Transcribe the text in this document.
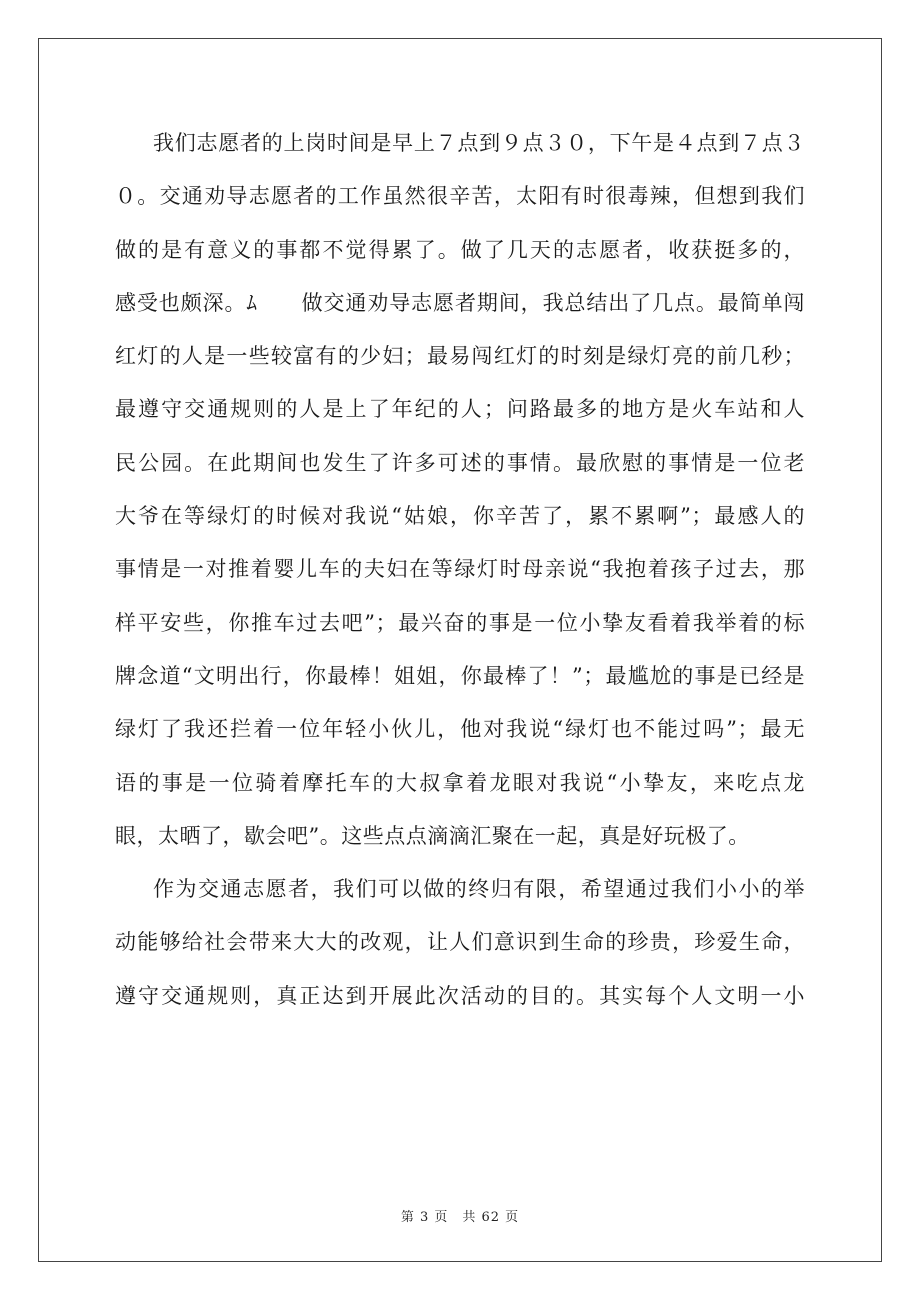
我们志愿者的上岗时间是早上７点到９点３０，下午是４点到７点３
０。交通劝导志愿者的工作虽然很辛苦，太阳有时很毒辣，但想到我们
做的是有意义的事都不觉得累了。做了几天的志愿者，收获挺多的，
感受也颇深。ﾑ　　做交通劝导志愿者期间，我总结出了几点。最简单闯
红灯的人是一些较富有的少妇；最易闯红灯的时刻是绿灯亮的前几秒；
最遵守交通规则的人是上了年纪的人；问路最多的地方是火车站和人
民公园。在此期间也发生了许多可述的事情。最欣慰的事情是一位老
大爷在等绿灯的时候对我说“姑娘，你辛苦了，累不累啊”；最感人的
事情是一对推着婴儿车的夫妇在等绿灯时母亲说“我抱着孩子过去，那
样平安些，你推车过去吧”；最兴奋的事是一位小挚友看着我举着的标
牌念道“文明出行，你最棒！姐姐，你最棒了！”；最尴尬的事是已经是
绿灯了我还拦着一位年轻小伙儿，他对我说“绿灯也不能过吗”；最无
语的事是一位骑着摩托车的大叔拿着龙眼对我说“小挚友，来吃点龙
眼，太晒了，歇会吧”。这些点点滴滴汇聚在一起，真是好玩极了。
作为交通志愿者，我们可以做的终归有限，希望通过我们小小的举
动能够给社会带来大大的改观，让人们意识到生命的珍贵，珍爱生命，
遵守交通规则，真正达到开展此次活动的目的。其实每个人文明一小
第 3 页　共 62 页
